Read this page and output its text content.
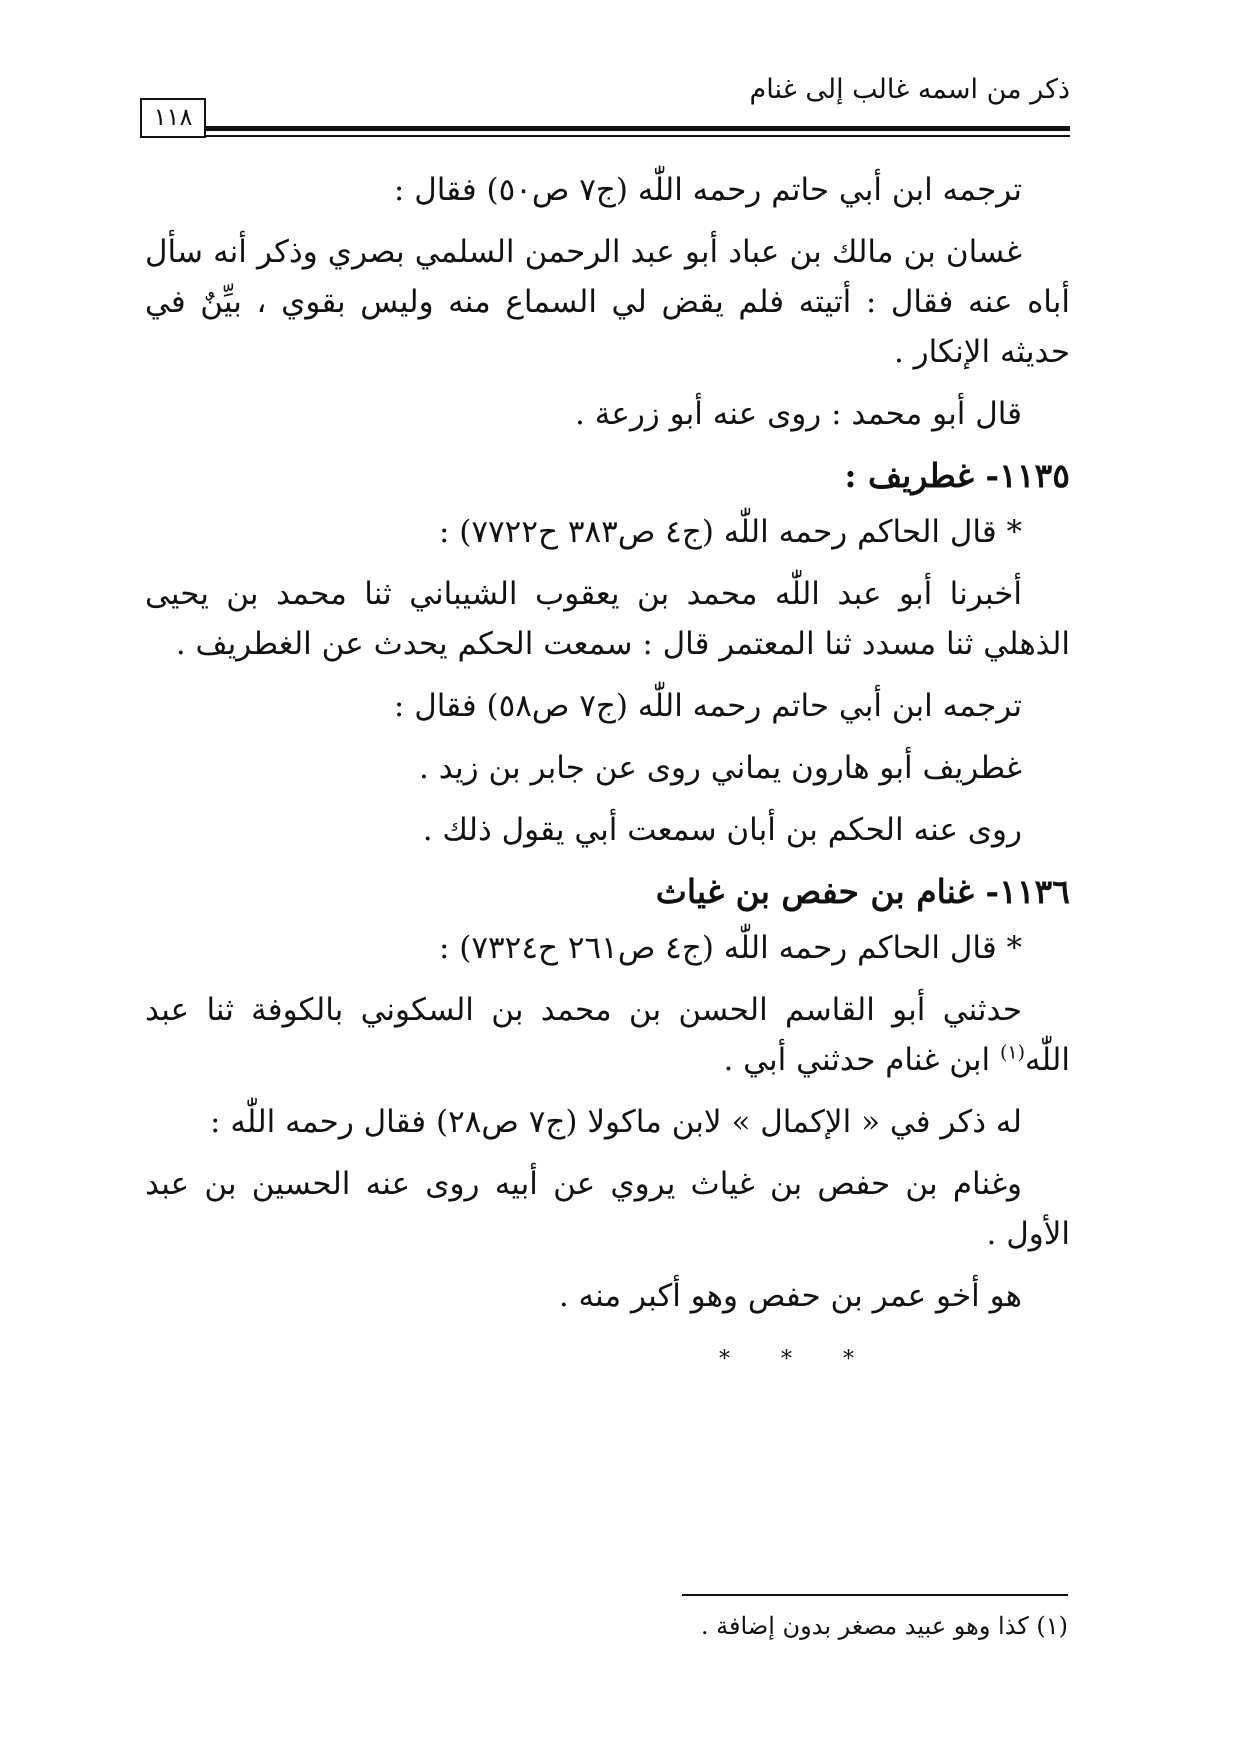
ذكر من اسمه غالب إلى غنام
١١٨

ترجمه ابن أبي حاتم رحمه اللّٰه (ج٧ ص٥٠) فقال :

غسان بن مالك بن عباد أبو عبد الرحمن السلمي بصري وذكر أنه سأل أباه عنه فقال : أتيته فلم يقض لي السماع منه وليس بقوي ، بيِّنٌ في حديثه الإنكار .

قال أبو محمد : روى عنه أبو زرعة .

١١٣٥- غطريف :

* قال الحاكم رحمه اللّٰه (ج٤ ص٣٨٣ ح٧٧٢٢) :

أخبرنا أبو عبد اللّٰه محمد بن يعقوب الشيباني ثنا محمد بن يحيى الذهلي ثنا مسدد ثنا المعتمر قال : سمعت الحكم يحدث عن الغطريف .

ترجمه ابن أبي حاتم رحمه اللّٰه (ج٧ ص٥٨) فقال :

غطريف أبو هارون يماني روى عن جابر بن زيد .

روى عنه الحكم بن أبان سمعت أبي يقول ذلك .

١١٣٦- غنام بن حفص بن غياث

* قال الحاكم رحمه اللّٰه (ج٤ ص٢٦١ ح٧٣٢٤) :

حدثني أبو القاسم الحسن بن محمد بن السكوني بالكوفة ثنا عبد اللّٰه$^{(١)}$ ابن غنام حدثني أبي .

له ذكر في « الإكمال » لابن ماكولا (ج٧ ص٢٨) فقال رحمه اللّٰه :

وغنام بن حفص بن غياث يروي عن أبيه روى عنه الحسين بن عبد الأول .

هو أخو عمر بن حفص وهو أكبر منه .

* * *

(١) كذا وهو عبيد مصغر بدون إضافة .
